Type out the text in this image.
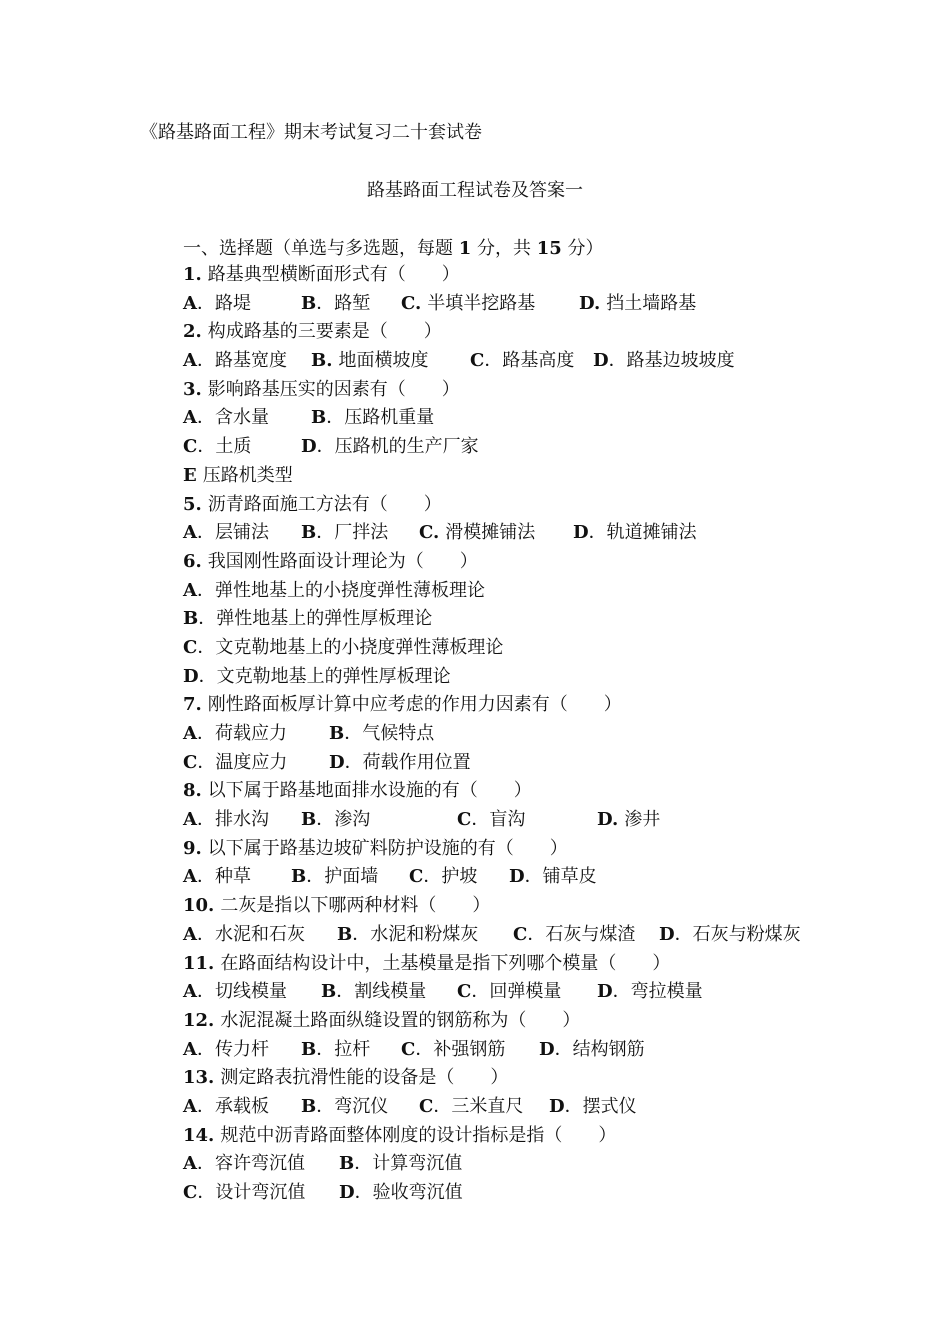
《路基路面工程》期末考试复习二十套试卷
路基路面工程试卷及答案一
一、选择题（单选与多选题，每题 1 分，共 15 分）
1. 路基典型横断面形式有（　　）
A．路堤	B．路堑 C. 半填半挖路基 D. 挡土墙路基
2. 构成路基的三要素是（　　）
A．路基宽度 B. 地面横坡度 C．路基高度 D．路基边坡坡度
3. 影响路基压实的因素有（　　）
A．含水量 B．压路机重量
C．土质	D．压路机的生产厂家
E 压路机类型
5. 沥青路面施工方法有（　　）
A．层铺法 B．厂拌法 C. 滑模摊铺法 D．轨道摊铺法
6. 我国刚性路面设计理论为（　　）
A．弹性地基上的小挠度弹性薄板理论
B．弹性地基上的弹性厚板理论
C．文克勒地基上的小挠度弹性薄板理论
D．文克勒地基上的弹性厚板理论
7. 刚性路面板厚计算中应考虑的作用力因素有（　　）
A．荷载应力 B．气候特点
C．温度应力 D．荷载作用位置
8. 以下属于路基地面排水设施的有（　　）
A．排水沟 B．渗沟	C．盲沟	D. 渗井
9. 以下属于路基边坡矿料防护设施的有（　　）
A．种草 B．护面墙 C．护坡 D．铺草皮
10. 二灰是指以下哪两种材料（　　）
A．水泥和石灰 B．水泥和粉煤灰 C．石灰与煤渣 D．石灰与粉煤灰
11. 在路面结构设计中，土基模量是指下列哪个模量（　　）
A．切线模量 B．割线模量 C．回弹模量 D．弯拉模量
12. 水泥混凝土路面纵缝设置的钢筋称为（　　）
A．传力杆 B．拉杆 C．补强钢筋 D．结构钢筋
13. 测定路表抗滑性能的设备是（　　）
A．承载板 B．弯沉仪 C．三米直尺 D．摆式仪
14. 规范中沥青路面整体刚度的设计指标是指（　　）
A．容许弯沉值 B．计算弯沉值
C．设计弯沉值 D．验收弯沉值
